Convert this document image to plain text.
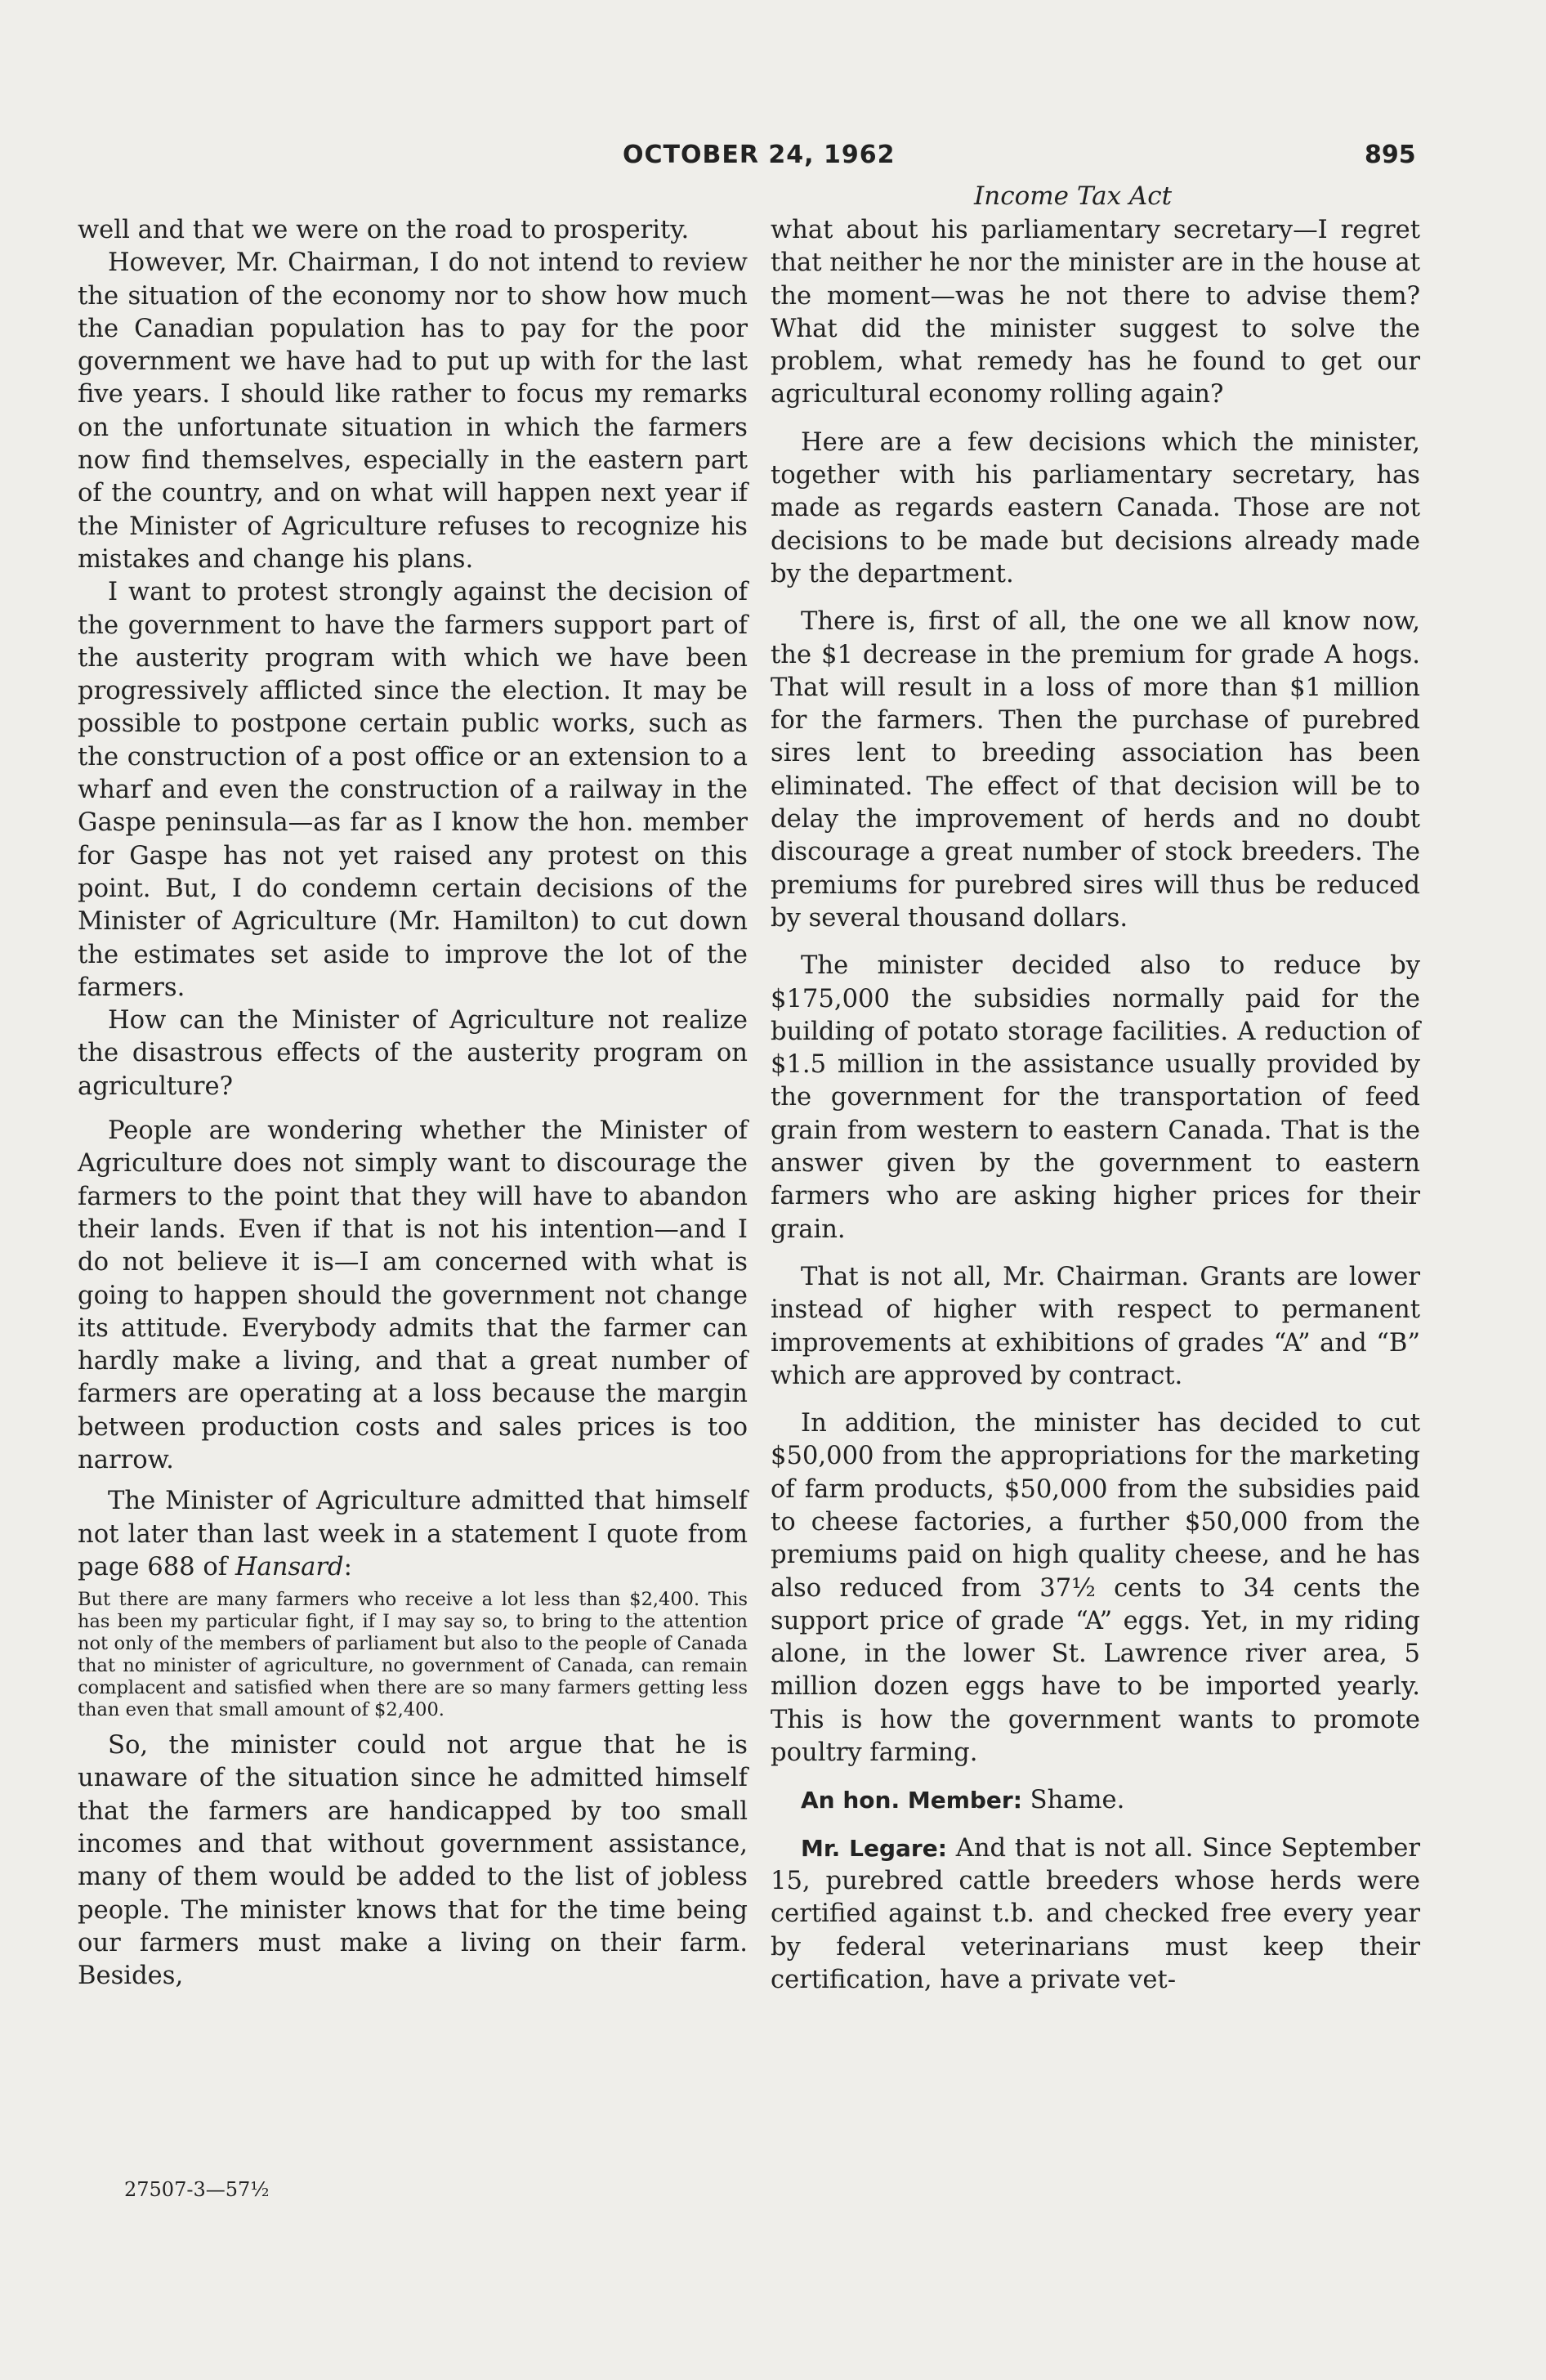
OCTOBER 24, 1962	895
Income Tax Act

well and that we were on the road to prosperity.

However, Mr. Chairman, I do not intend to review the situation of the economy nor to show how much the Canadian population has to pay for the poor government we have had to put up with for the last five years. I should like rather to focus my remarks on the unfortunate situation in which the farmers now find themselves, especially in the eastern part of the country, and on what will happen next year if the Minister of Agriculture refuses to recognize his mistakes and change his plans.

I want to protest strongly against the decision of the government to have the farmers support part of the austerity program with which we have been progressively afflicted since the election. It may be possible to postpone certain public works, such as the construction of a post office or an extension to a wharf and even the construction of a railway in the Gaspe peninsula—as far as I know the hon. member for Gaspe has not yet raised any protest on this point. But, I do condemn certain decisions of the Minister of Agriculture (Mr. Hamilton) to cut down the estimates set aside to improve the lot of the farmers.

How can the Minister of Agriculture not realize the disastrous effects of the austerity program on agriculture?

People are wondering whether the Minister of Agriculture does not simply want to discourage the farmers to the point that they will have to abandon their lands. Even if that is not his intention—and I do not believe it is—I am concerned with what is going to happen should the government not change its attitude. Everybody admits that the farmer can hardly make a living, and that a great number of farmers are operating at a loss because the margin between production costs and sales prices is too narrow.

The Minister of Agriculture admitted that himself not later than last week in a statement I quote from page 688 of Hansard:

But there are many farmers who receive a lot less than $2,400. This has been my particular fight, if I may say so, to bring to the attention not only of the members of parliament but also to the people of Canada that no minister of agriculture, no government of Canada, can remain complacent and satisfied when there are so many farmers getting less than even that small amount of $2,400.

So, the minister could not argue that he is unaware of the situation since he admitted himself that the farmers are handicapped by too small incomes and that without government assistance, many of them would be added to the list of jobless people. The minister knows that for the time being our farmers must make a living on their farm. Besides,

what about his parliamentary secretary—I regret that neither he nor the minister are in the house at the moment—was he not there to advise them? What did the minister suggest to solve the problem, what remedy has he found to get our agricultural economy rolling again?

Here are a few decisions which the minister, together with his parliamentary secretary, has made as regards eastern Canada. Those are not decisions to be made but decisions already made by the department.

There is, first of all, the one we all know now, the $1 decrease in the premium for grade A hogs. That will result in a loss of more than $1 million for the farmers. Then the purchase of purebred sires lent to breeding association has been eliminated. The effect of that decision will be to delay the improvement of herds and no doubt discourage a great number of stock breeders. The premiums for purebred sires will thus be reduced by several thousand dollars.

The minister decided also to reduce by $175,000 the subsidies normally paid for the building of potato storage facilities. A reduction of $1.5 million in the assistance usually provided by the government for the transportation of feed grain from western to eastern Canada. That is the answer given by the government to eastern farmers who are asking higher prices for their grain.

That is not all, Mr. Chairman. Grants are lower instead of higher with respect to permanent improvements at exhibitions of grades “A” and “B” which are approved by contract.

In addition, the minister has decided to cut $50,000 from the appropriations for the marketing of farm products, $50,000 from the subsidies paid to cheese factories, a further $50,000 from the premiums paid on high quality cheese, and he has also reduced from 37½ cents to 34 cents the support price of grade “A” eggs. Yet, in my riding alone, in the lower St. Lawrence river area, 5 million dozen eggs have to be imported yearly. This is how the government wants to promote poultry farming.

An hon. Member: Shame.

Mr. Legare: And that is not all. Since September 15, purebred cattle breeders whose herds were certified against t.b. and checked free every year by federal veterinarians must keep their certification, have a private vet-

27507-3—57½
